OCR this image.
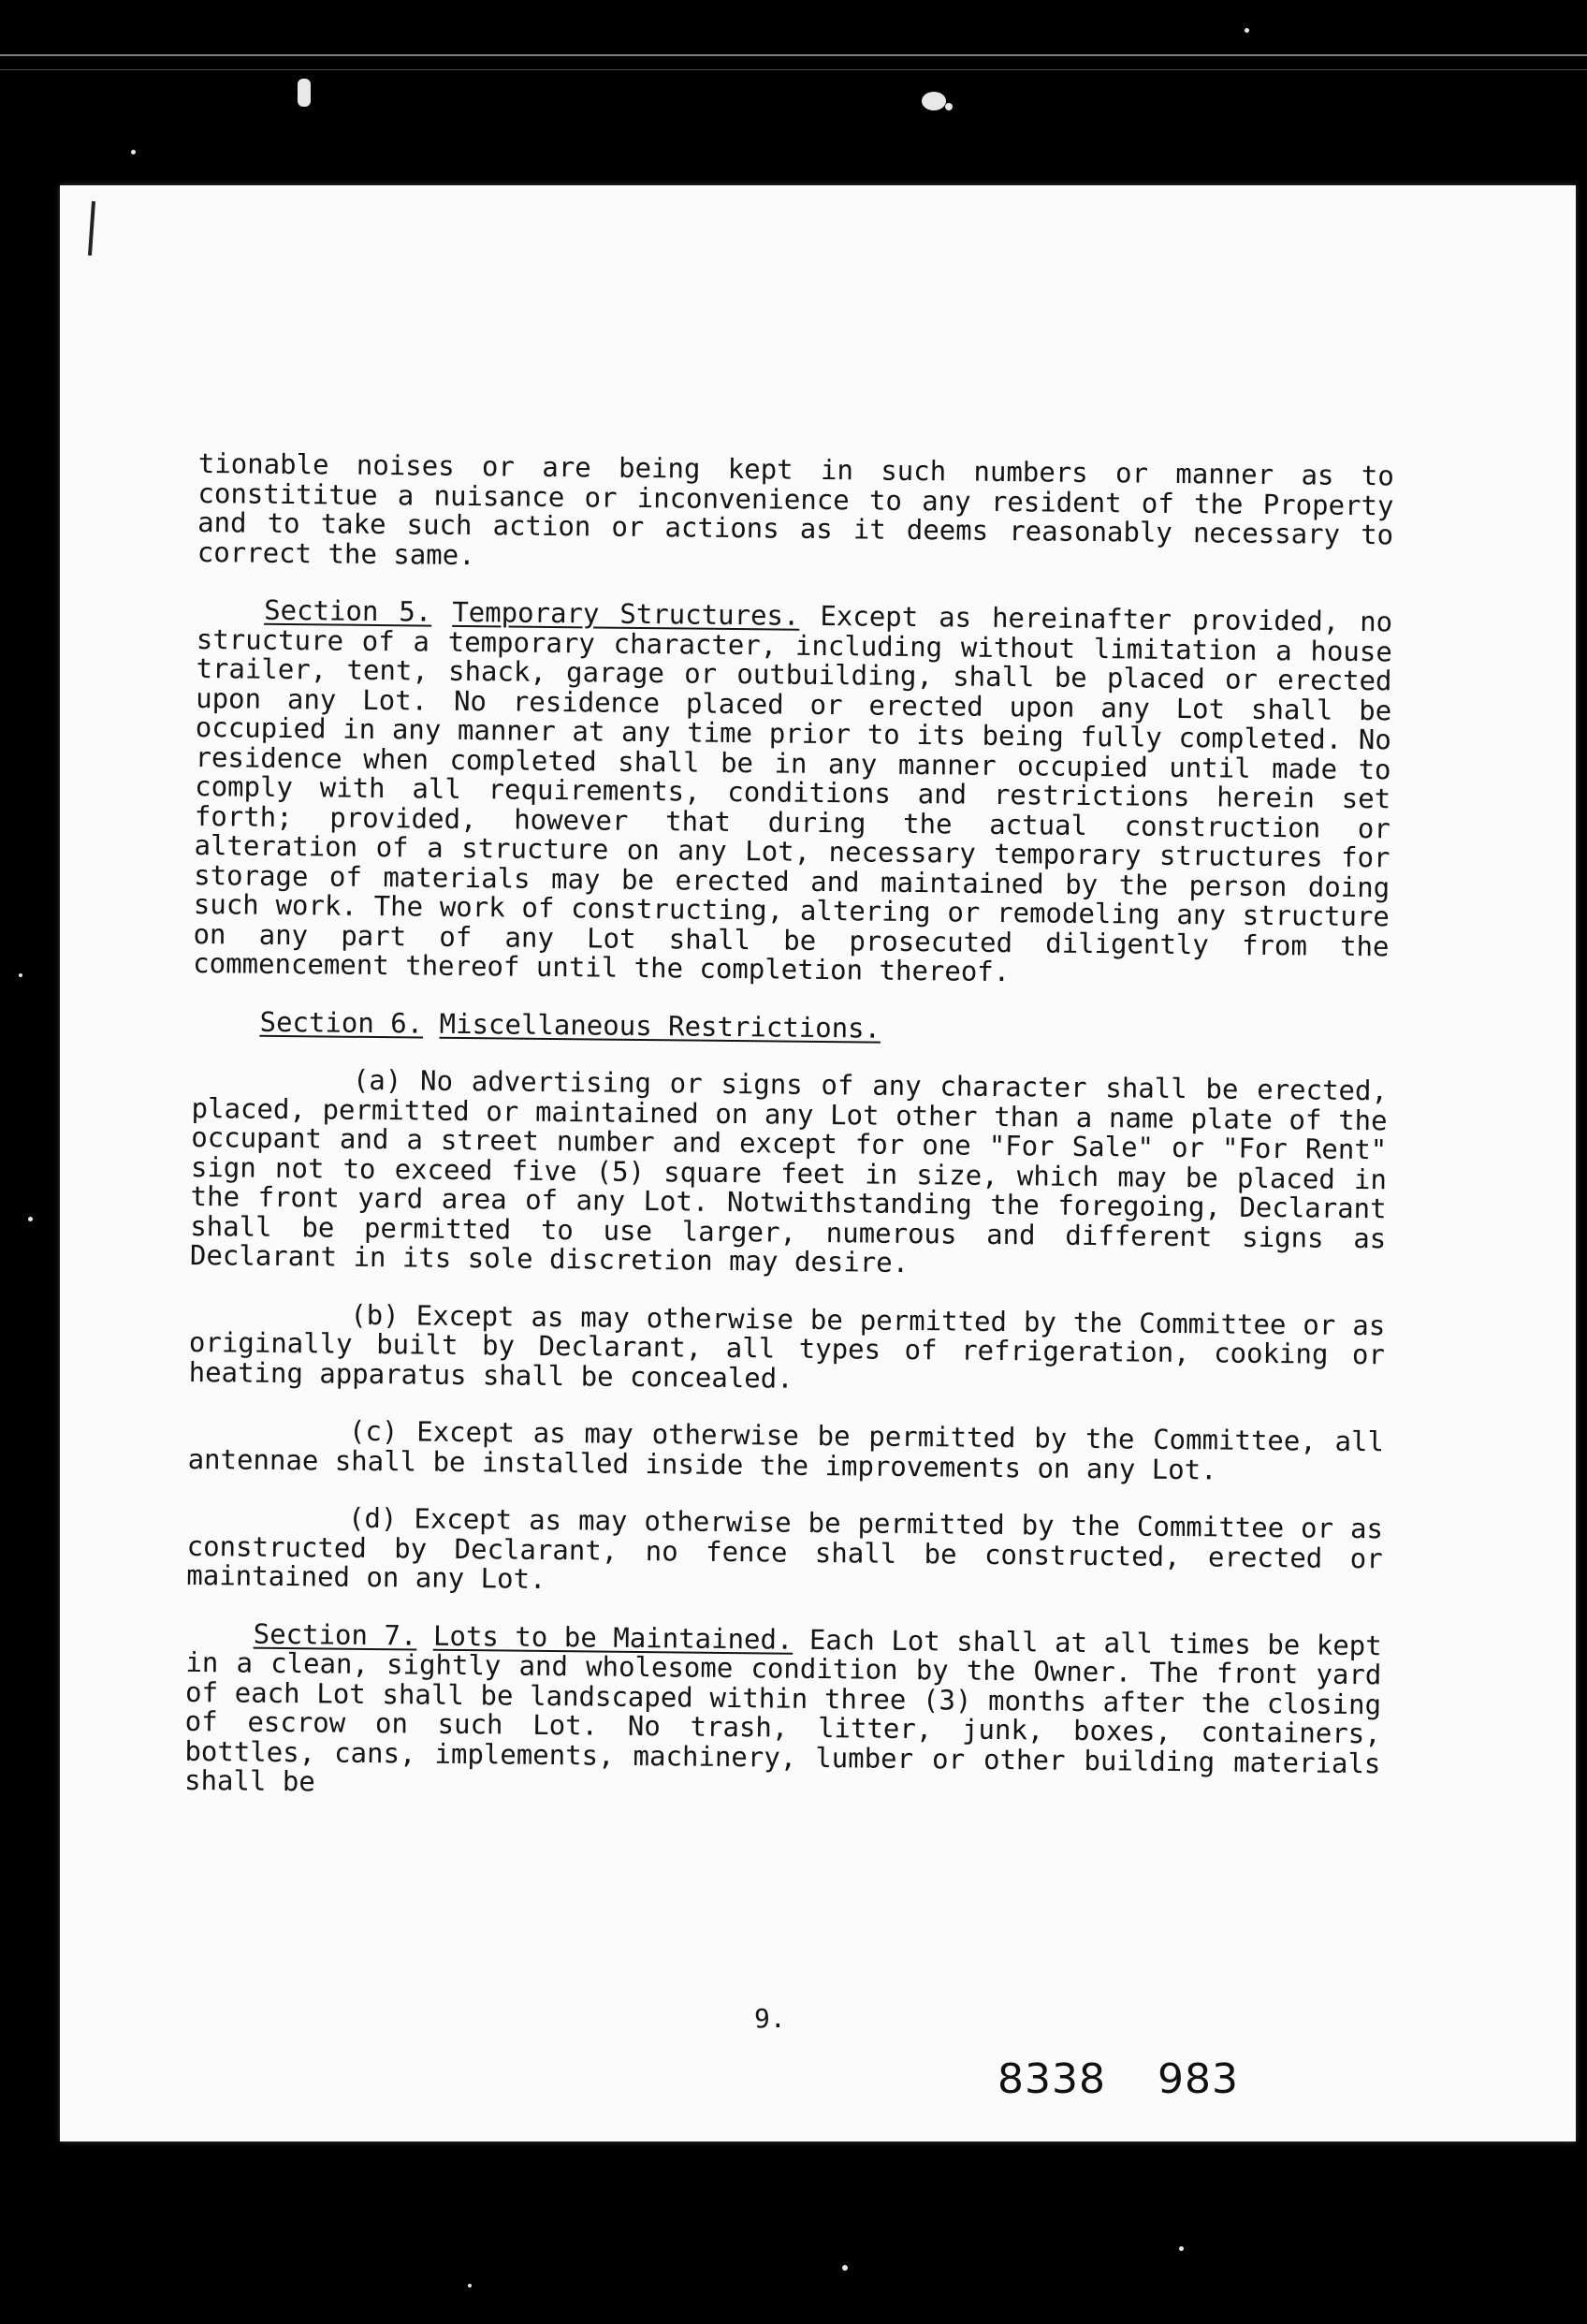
tionable noises or are being kept in such numbers or manner as to constititue a nuisance or inconvenience to any resident of the Property and to take such action or actions as it deems reasonably necessary to correct the same.

Section 5. Temporary Structures. Except as hereinafter provided, no structure of a temporary character, including without limitation a house trailer, tent, shack, garage or outbuilding, shall be placed or erected upon any Lot. No residence placed or erected upon any Lot shall be occupied in any manner at any time prior to its being fully completed. No residence when completed shall be in any manner occupied until made to comply with all requirements, conditions and restrictions herein set forth; provided, however that during the actual construction or alteration of a structure on any Lot, necessary temporary structures for storage of materials may be erected and maintained by the person doing such work. The work of constructing, altering or remodeling any structure on any part of any Lot shall be prosecuted diligently from the commencement thereof until the completion thereof.

Section 6. Miscellaneous Restrictions.

(a) No advertising or signs of any character shall be erected, placed, permitted or maintained on any Lot other than a name plate of the occupant and a street number and except for one "For Sale" or "For Rent" sign not to exceed five (5) square feet in size, which may be placed in the front yard area of any Lot. Notwithstanding the foregoing, Declarant shall be permitted to use larger, numerous and different signs as Declarant in its sole discretion may desire.

(b) Except as may otherwise be permitted by the Committee or as originally built by Declarant, all types of refrigeration, cooking or heating apparatus shall be concealed.

(c) Except as may otherwise be permitted by the Committee, all antennae shall be installed inside the improvements on any Lot.

(d) Except as may otherwise be permitted by the Committee or as constructed by Declarant, no fence shall be constructed, erected or maintained on any Lot.

Section 7. Lots to be Maintained. Each Lot shall at all times be kept in a clean, sightly and wholesome condition by the Owner. The front yard of each Lot shall be landscaped within three (3) months after the closing of escrow on such Lot. No trash, litter, junk, boxes, containers, bottles, cans, implements, machinery, lumber or other building materials shall be

9.
8338 983
